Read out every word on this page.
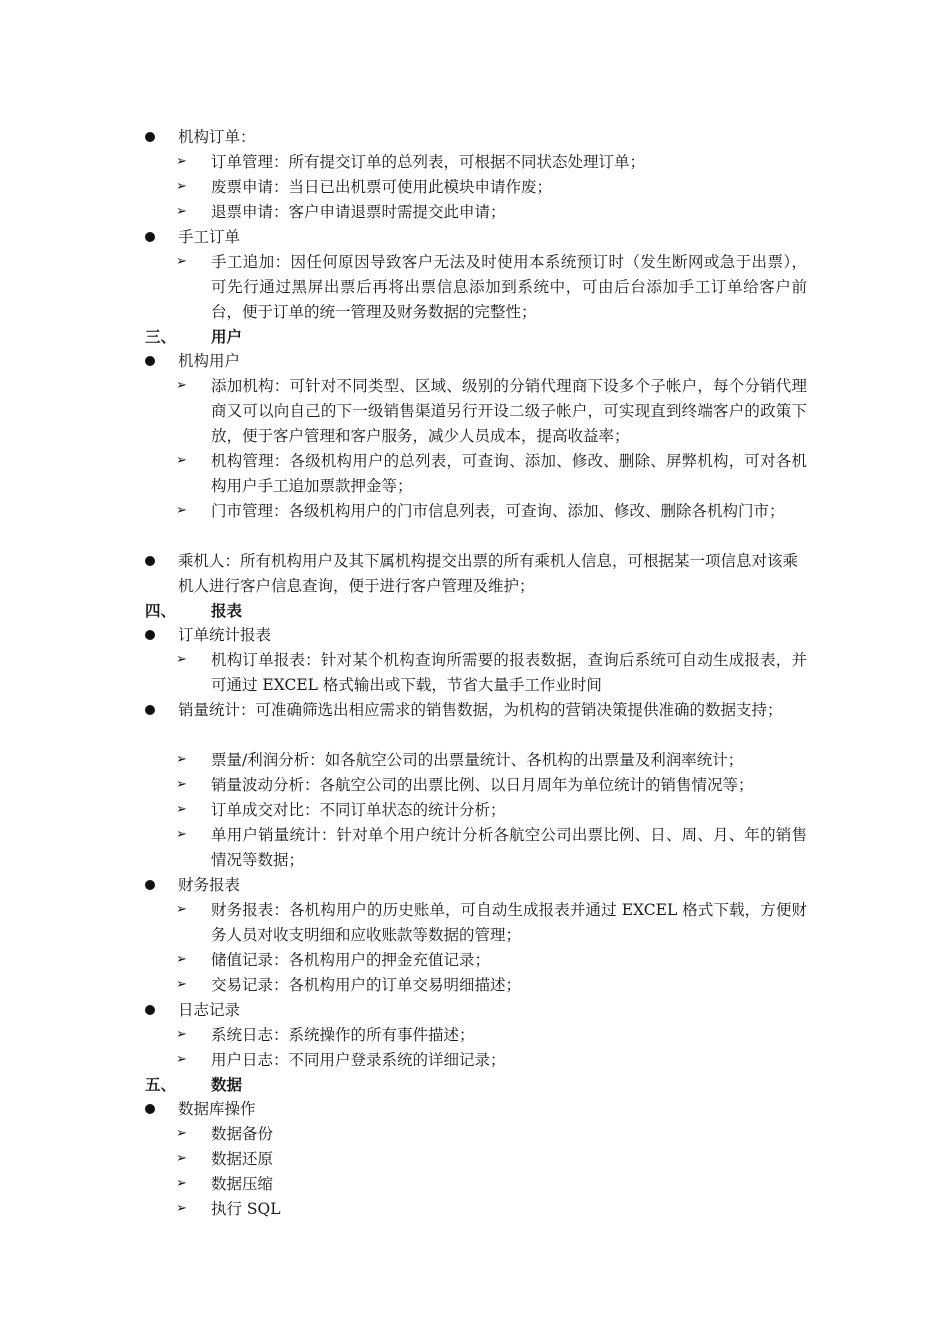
机构订单：
➢ 订单管理：所有提交订单的总列表，可根据不同状态处理订单；
➢ 废票申请：当日已出机票可使用此模块申请作废；
➢ 退票申请：客户申请退票时需提交此申请；
手工订单
➢ 手工追加：因任何原因导致客户无法及时使用本系统预订时（发生断网或急于出票），可先行通过黑屏出票后再将出票信息添加到系统中，可由后台添加手工订单给客户前台，便于订单的统一管理及财务数据的完整性；
三、 用户
机构用户
➢ 添加机构：可针对不同类型、区域、级别的分销代理商下设多个子帐户，每个分销代理商又可以向自己的下一级销售渠道另行开设二级子帐户，可实现直到终端客户的政策下放，便于客户管理和客户服务，减少人员成本，提高收益率；
➢ 机构管理：各级机构用户的总列表，可查询、添加、修改、删除、屏弊机构，可对各机构用户手工追加票款押金等；
➢ 门市管理：各级机构用户的门市信息列表，可查询、添加、修改、删除各机构门市；
乘机人：所有机构用户及其下属机构提交出票的所有乘机人信息，可根据某一项信息对该乘机人进行客户信息查询，便于进行客户管理及维护；
四、 报表
订单统计报表
➢ 机构订单报表：针对某个机构查询所需要的报表数据，查询后系统可自动生成报表，并可通过 EXCEL 格式输出或下载，节省大量手工作业时间
销量统计：可准确筛选出相应需求的销售数据，为机构的营销决策提供准确的数据支持；
➢ 票量/利润分析：如各航空公司的出票量统计、各机构的出票量及利润率统计；
➢ 销量波动分析：各航空公司的出票比例、以日月周年为单位统计的销售情况等；
➢ 订单成交对比：不同订单状态的统计分析；
➢ 单用户销量统计：针对单个用户统计分析各航空公司出票比例、日、周、月、年的销售情况等数据；
财务报表
➢ 财务报表：各机构用户的历史账单，可自动生成报表并通过 EXCEL 格式下载，方便财务人员对收支明细和应收账款等数据的管理；
➢ 储值记录：各机构用户的押金充值记录；
➢ 交易记录：各机构用户的订单交易明细描述；
日志记录
➢ 系统日志：系统操作的所有事件描述；
➢ 用户日志：不同用户登录系统的详细记录；
五、 数据
数据库操作
➢ 数据备份
➢ 数据还原
➢ 数据压缩
➢ 执行 SQL
